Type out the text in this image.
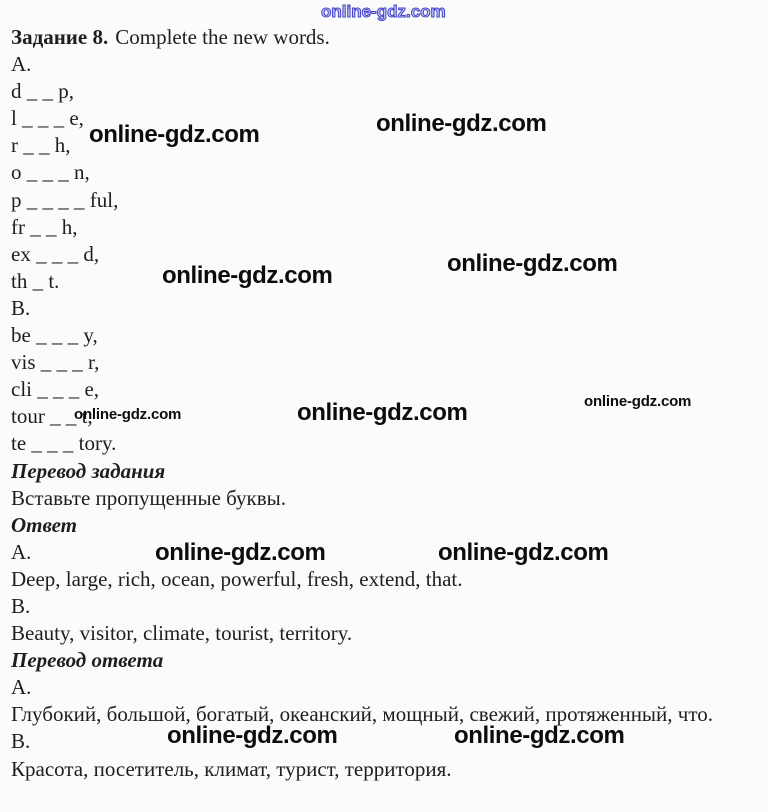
Задание 8. Complete the new words.
A.
d _ _ p,
l _ _ _ e,
r _ _ h,
o _ _ _ n,
p _ _ _ _ ful,
fr _ _ h,
ex _ _ _ d,
th _ t.
B.
be _ _ _ y,
vis _ _ _ r,
cli _ _ _ e,
tour _ _ t,
te _ _ _ tory.
Перевод задания
Вставьте пропущенные буквы.
Ответ
A.
Deep, large, rich, ocean, powerful, fresh, extend, that.
B.
Beauty, visitor, climate, tourist, territory.
Перевод ответа
A.
Глубокий, большой, богатый, океанский, мощный, свежий, протяженный, что.
B.
Красота, посетитель, климат, турист, территория.
online-gdz.com
online-gdz.com	online-gdz.com
online-gdz.com	online-gdz.com
online-gdz.com	online-gdz.com	online-gdz.com
online-gdz.com	online-gdz.com
online-gdz.com	online-gdz.com
